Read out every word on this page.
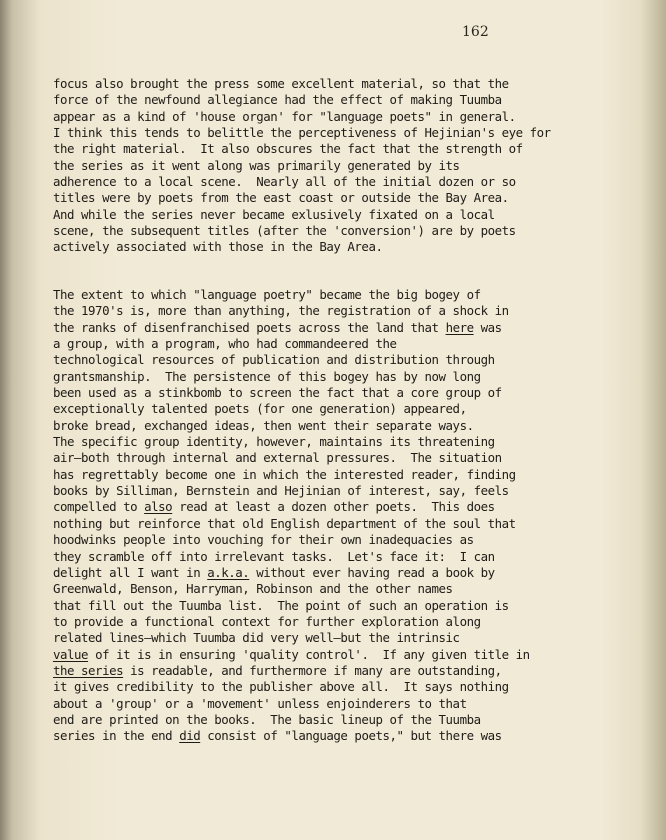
162
focus also brought the press some excellent material, so that the
force of the newfound allegiance had the effect of making Tuumba
appear as a kind of 'house organ' for "language poets" in general.
I think this tends to belittle the perceptiveness of Hejinian's eye for
the right material.  It also obscures the fact that the strength of
the series as it went along was primarily generated by its
adherence to a local scene.  Nearly all of the initial dozen or so
titles were by poets from the east coast or outside the Bay Area.
And while the series never became exlusively fixated on a local
scene, the subsequent titles (after the 'conversion') are by poets
actively associated with those in the Bay Area.
The extent to which "language poetry" became the big bogey of
the 1970's is, more than anything, the registration of a shock in
the ranks of disenfranchised poets across the land that here was
a group, with a program, who had commandeered the
technological resources of publication and distribution through
grantsmanship.  The persistence of this bogey has by now long
been used as a stinkbomb to screen the fact that a core group of
exceptionally talented poets (for one generation) appeared,
broke bread, exchanged ideas, then went their separate ways.
The specific group identity, however, maintains its threatening
air—both through internal and external pressures.  The situation
has regrettably become one in which the interested reader, finding
books by Silliman, Bernstein and Hejinian of interest, say, feels
compelled to also read at least a dozen other poets.  This does
nothing but reinforce that old English department of the soul that
hoodwinks people into vouching for their own inadequacies as
they scramble off into irrelevant tasks.  Let's face it:  I can
delight all I want in a.k.a. without ever having read a book by
Greenwald, Benson, Harryman, Robinson and the other names
that fill out the Tuumba list.  The point of such an operation is
to provide a functional context for further exploration along
related lines—which Tuumba did very well—but the intrinsic
value of it is in ensuring 'quality control'.  If any given title in
the series is readable, and furthermore if many are outstanding,
it gives credibility to the publisher above all.  It says nothing
about a 'group' or a 'movement' unless enjoinderers to that
end are printed on the books.  The basic lineup of the Tuumba
series in the end did consist of "language poets," but there was
